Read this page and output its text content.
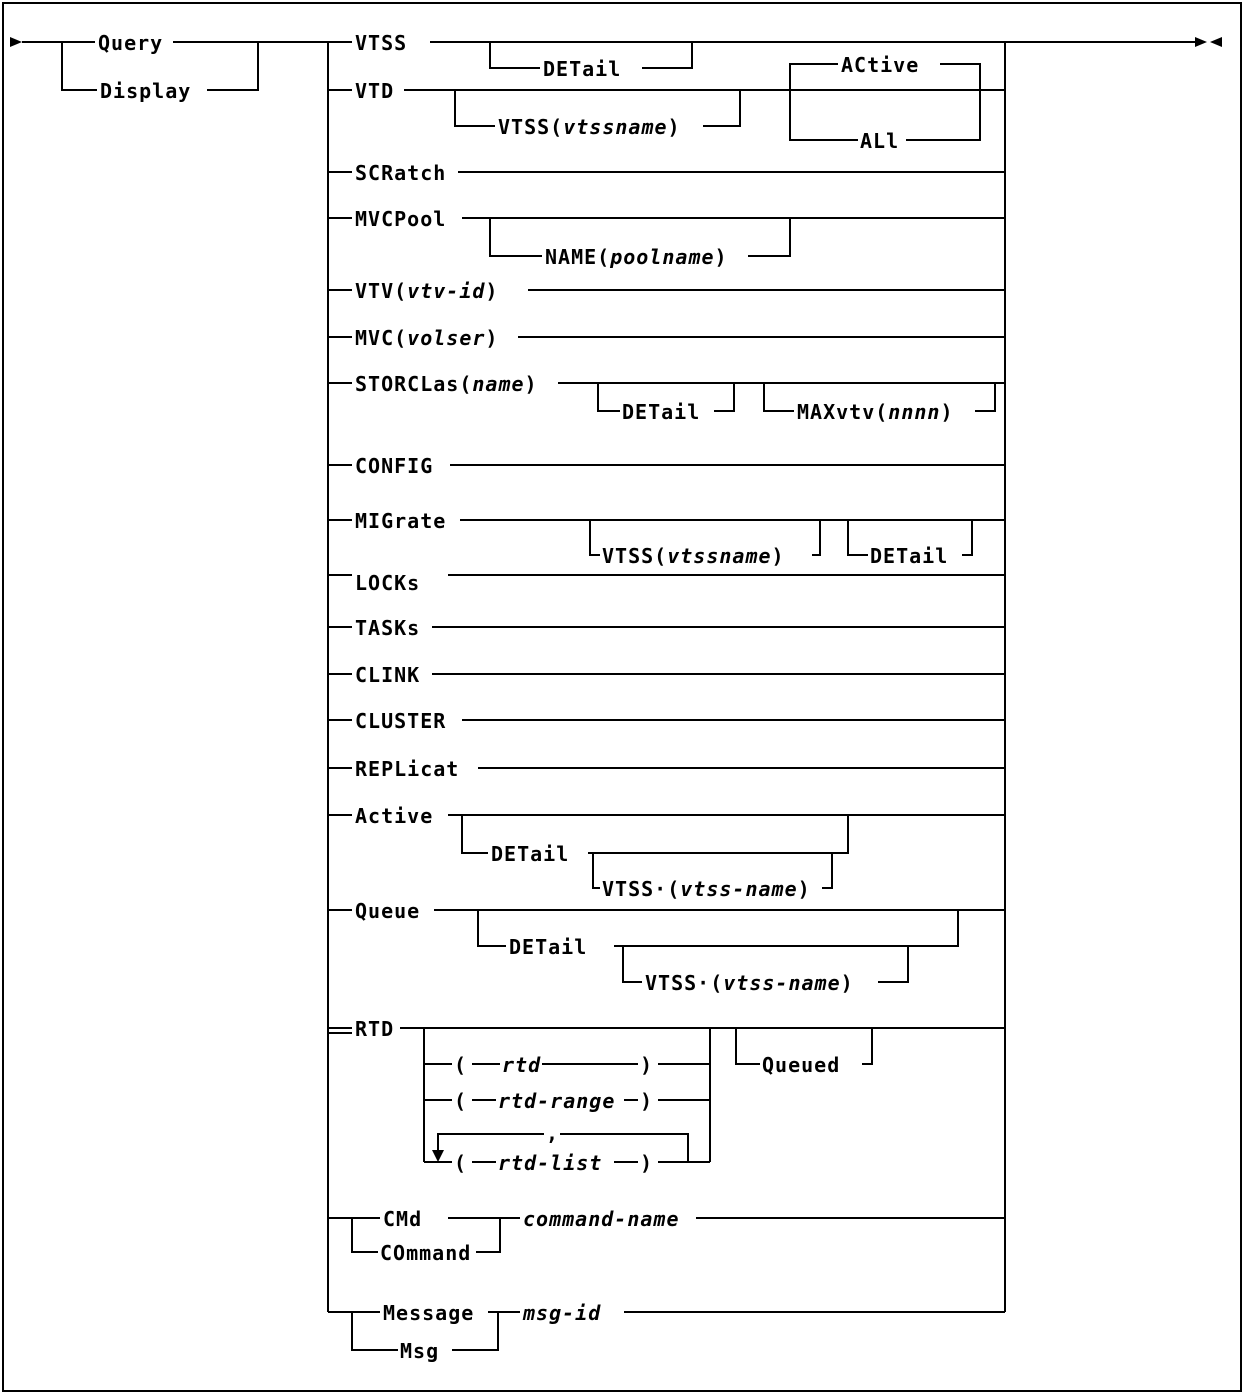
Query
Display
VTSS
DETail
VTD
VTSS(vtssname)
ACtive
ALl
SCRatch
MVCPool
NAME(poolname)
VTV(vtv-id)
MVC(volser)
STORCLas(name)
DETail	MAXvtv(nnnn)
CONFIG
MIGrate
VTSS(vtssname)	DETail
LOCKs
TASKs
CLINK
CLUSTER
REPLicat
Active
DETail
VTSS·(vtss-name)
Queue
DETail
VTSS·(vtss-name)
RTD
( rtd	)
( rtd-range )
,
( rtd-list )
Queued
CMd
COmmand
command-name
Message
Msg
msg-id
